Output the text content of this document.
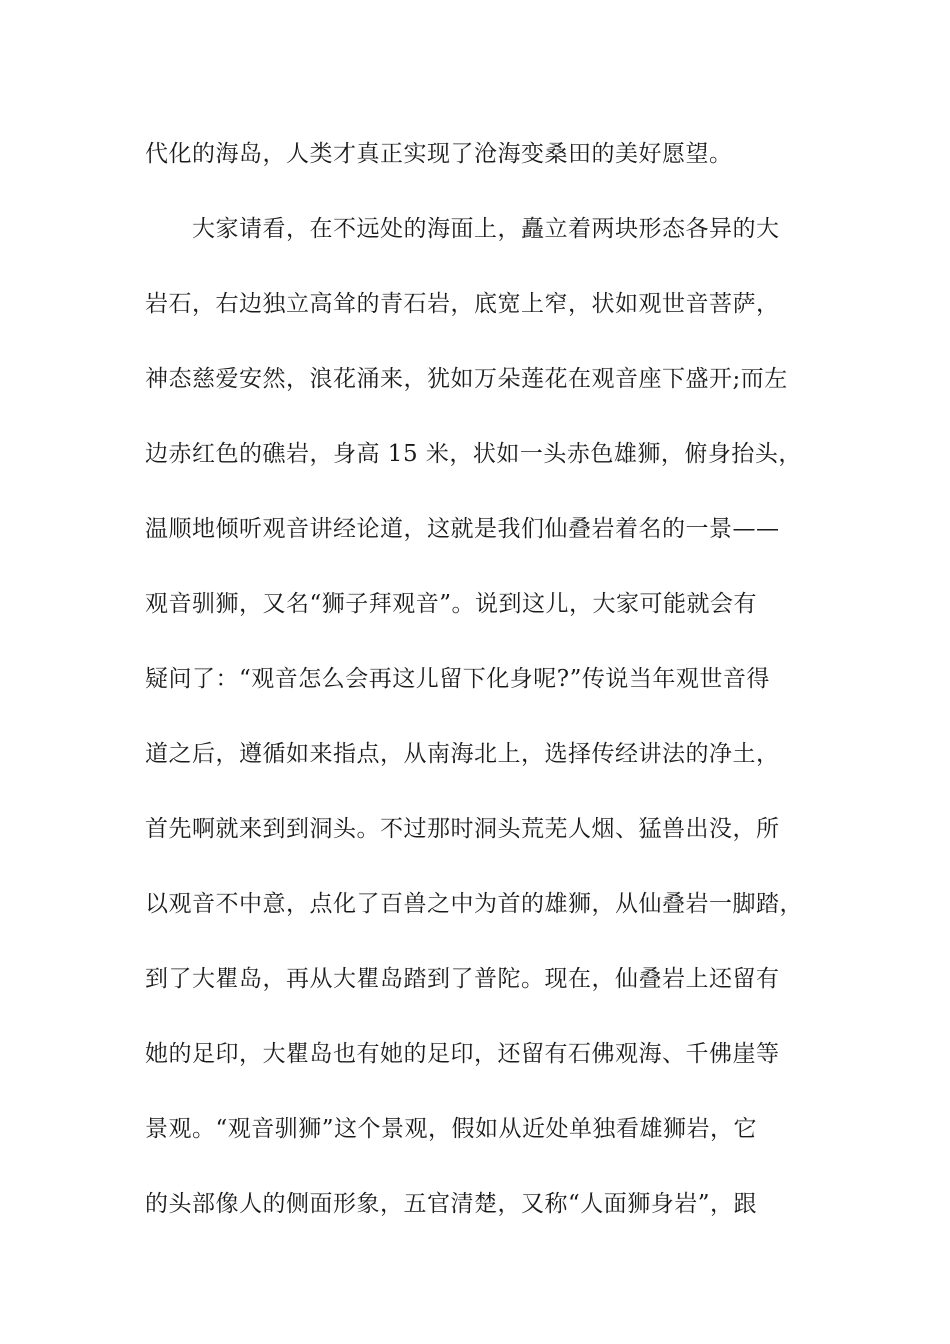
代化的海岛，人类才真正实现了沧海变桑田的美好愿望。
　　大家请看，在不远处的海面上，矗立着两块形态各异的大
岩石，右边独立高耸的青石岩，底宽上窄，状如观世音菩萨，
神态慈爱安然，浪花涌来，犹如万朵莲花在观音座下盛开;而左
边赤红色的礁岩，身高 15 米，状如一头赤色雄狮，俯身抬头，
温顺地倾听观音讲经论道，这就是我们仙叠岩着名的一景——
观音驯狮，又名“狮子拜观音”。说到这儿，大家可能就会有
疑问了：“观音怎么会再这儿留下化身呢?”传说当年观世音得
道之后，遵循如来指点，从南海北上，选择传经讲法的净土，
首先啊就来到到洞头。不过那时洞头荒芜人烟、猛兽出没，所
以观音不中意，点化了百兽之中为首的雄狮，从仙叠岩一脚踏，
到了大瞿岛，再从大瞿岛踏到了普陀。现在，仙叠岩上还留有
她的足印，大瞿岛也有她的足印，还留有石佛观海、千佛崖等
景观。“观音驯狮”这个景观，假如从近处单独看雄狮岩，它
的头部像人的侧面形象，五官清楚，又称“人面狮身岩”，跟
